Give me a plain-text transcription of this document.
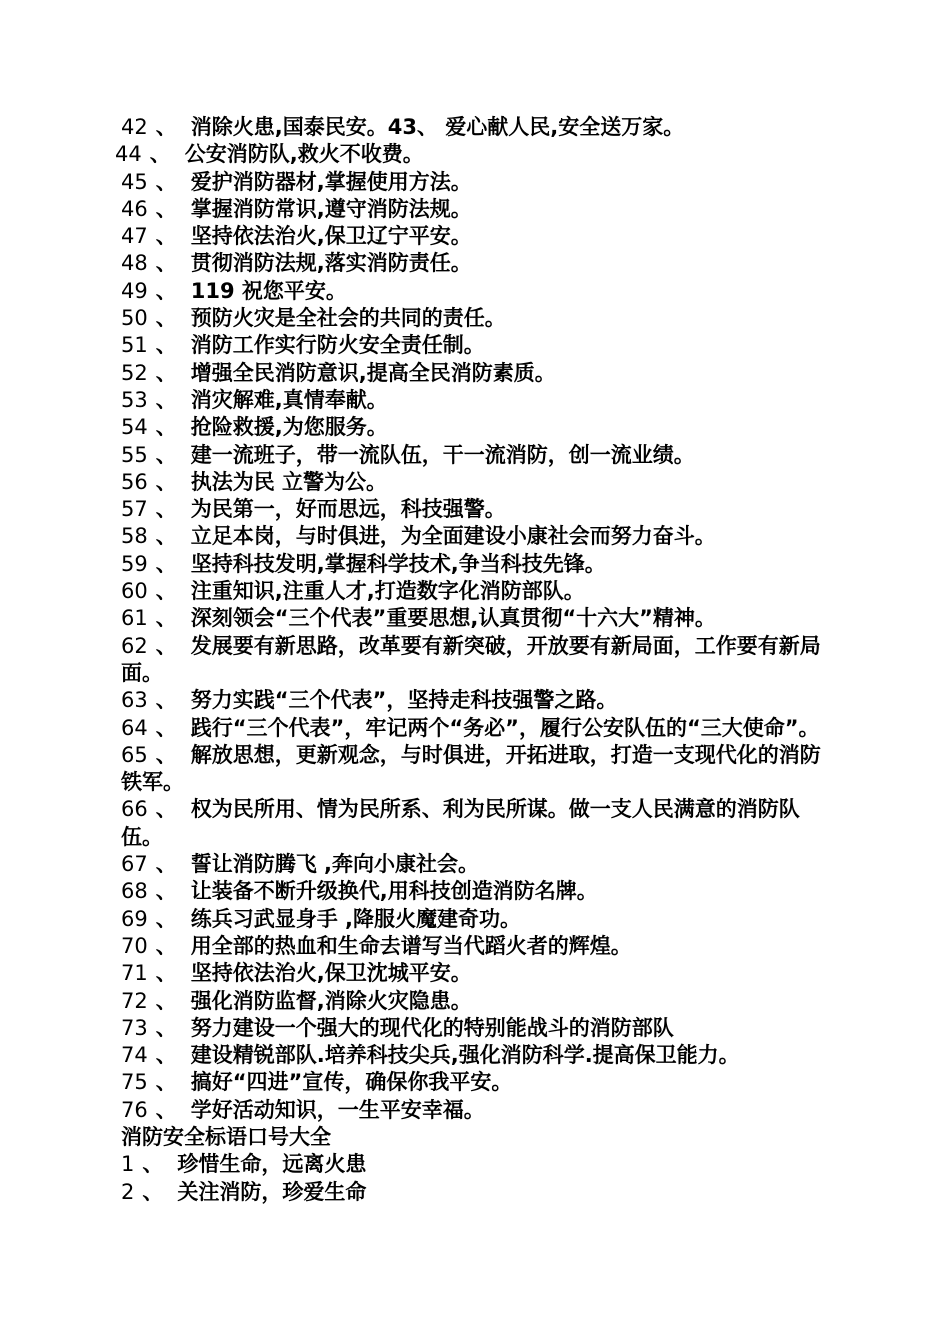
42 、 消除火患,国泰民安。43、 爱心献人民,安全送万家。
44 、 公安消防队,救火不收费。
45 、 爱护消防器材,掌握使用方法。
46 、 掌握消防常识,遵守消防法规。
47 、 坚持依法治火,保卫辽宁平安。
48 、 贯彻消防法规,落实消防责任。
49 、 119 祝您平安。
50 、 预防火灾是全社会的共同的责任。
51 、 消防工作实行防火安全责任制。
52 、 增强全民消防意识,提高全民消防素质。
53 、 消灾解难,真情奉献。
54 、 抢险救援,为您服务。
55 、 建一流班子，带一流队伍，干一流消防，创一流业绩。
56 、 执法为民 立警为公。
57 、 为民第一，好而思远，科技强警。
58 、 立足本岗，与时俱进，为全面建设小康社会而努力奋斗。
59 、 坚持科技发明,掌握科学技术,争当科技先锋。
60 、 注重知识,注重人才,打造数字化消防部队。
61 、 深刻领会“三个代表”重要思想,认真贯彻“十六大”精神。
62 、 发展要有新思路，改革要有新突破，开放要有新局面，工作要有新局面。
63 、 努力实践“三个代表”，坚持走科技强警之路。
64 、 践行“三个代表”，牢记两个“务必”，履行公安队伍的“三大使命”。
65 、 解放思想，更新观念，与时俱进，开拓进取，打造一支现代化的消防铁军。
66 、 权为民所用、情为民所系、利为民所谋。做一支人民满意的消防队伍。
67 、 誓让消防腾飞 ,奔向小康社会。
68 、 让装备不断升级换代,用科技创造消防名牌。
69 、 练兵习武显身手 ,降服火魔建奇功。
70 、 用全部的热血和生命去谱写当代蹈火者的辉煌。
71 、 坚持依法治火,保卫沈城平安。
72 、 强化消防监督,消除火灾隐患。
73 、 努力建设一个强大的现代化的特别能战斗的消防部队
74 、 建设精锐部队.培养科技尖兵,强化消防科学.提高保卫能力。
75 、 搞好“四进”宣传，确保你我平安。
76 、 学好活动知识，一生平安幸福。
消防安全标语口号大全
1 、 珍惜生命，远离火患
2 、 关注消防，珍爱生命
